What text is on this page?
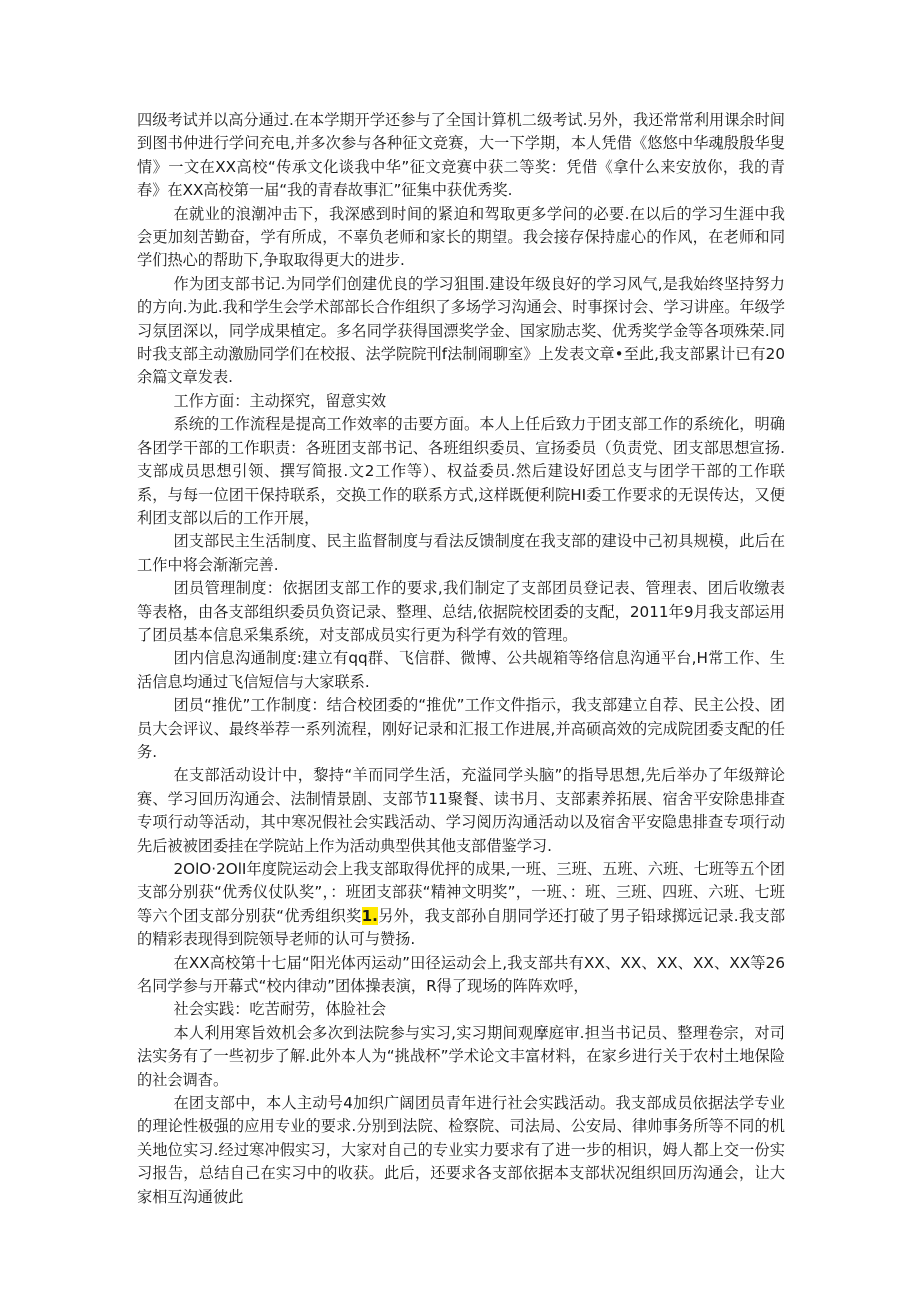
四级考试并以高分通过.在本学期开学还参与了全国计算机二级考试.另外，我还常常利用课余时间到图书仲进行学问充电,并多次参与各种征文竞赛，大一下学期，本人凭借《悠悠中华魂殷殷华叟情》一文在XX高校“传承文化谈我中华”征文竞赛中获二等奖：凭借《拿什么来安放你，我的青春》在XX高校第一届“我的青春故事汇”征集中获优秀奖.

在就业的浪潮冲击下，我深感到时间的紧迫和驾取更多学问的必要.在以后的学习生涯中我会更加刻苦勤奋，学有所成，不辜负老师和家长的期望。我会接存保持虚心的作风，在老师和同学们热心的帮助下,争取取得更大的进步.

作为团支部书记.为同学们创建优良的学习狙围.建设年级良好的学习风气,是我始终坚持努力的方向.为此.我和学生会学术部部长合作组织了多场学习沟通会、时事探讨会、学习讲座。年级学习氛囝深以，同学成果植定。多名同学获得国漂奖学金、国家励志奖、优秀奖学金等各项殊荣.同时我支部主动激励同学们在校报、法学院院刊f法制闹聊室》上发表文章•至此,我支部累计已有20余篇文章发表.

工作方面：主动探究，留意实效

系统的工作流程是提高工作效率的击要方面。本人上任后致力于团支部工作的系统化，明确各团学干部的工作职责：各班团支部书记、各班组织委员、宣扬委员（负责党、团支部思想宣扬.支部成员思想引领、撰写简报.文2工作等）、权益委员.然后建设好团总支与团学干部的工作联系，与每一位团干保持联系，交换工作的联系方式,这样既便利院HI委工作要求的无误传达，又便利团支部以后的工作开展，

团支部民主生活制度、民主监督制度与看法反馈制度在我支部的建设中己初具规模，此后在工作中将会渐渐完善.

团员管理制度：依据团支部工作的要求,我们制定了支部团员登记表、管理表、团后收缴表等表格，由各支部组织委员负资记录、整理、总结,依据院校团委的支配，2011年9月我支部运用了团员基本信息采集系统，对支部成员实行更为科学有效的管理。

团内信息沟通制度:建立有qq群、飞信群、微博、公共觇箱等络信息沟通平台,H常工作、生活信息均通过飞信短信与大家联系.

团员“推优”工作制度：结合校团委的“推优”工作文件指示，我支部建立自荐、民主公投、团员大会评议、最终举荐一系列流程，刚好记录和汇报工作进展,并高硕高效的完成院团委支配的任务.

在支部活动设计中，黎持“羊而同学生活，充溢同学头脑”的指导思想,先后举办了年级辩论赛、学习回历沟通会、法制情景剧、支部节11聚餐、读书月、支部素养拓展、宿舍平安除患排查专项行动等活动，其中寒况假社会实践活动、学习阅历沟通活动以及宿舍平安隐患排查专项行动先后被被团委挂在学院站上作为活动典型供其他支部借鉴学习.

2OlO·2OlI年度院运动会上我支部取得优抨的成果,一班、三班、五班、六班、七班等五个团支部分别获“优秀仪仗队奖”，：班团支部获“精神文明奖”，一班、：班、三班、四班、六班、七班等六个团支部分别获“优秀组织奖1.另外，我支部孙自朋同学还打破了男子铅球掷远记录.我支部的精彩表现得到院领导老师的认可与赞扬.

在XX高校第十七届“阳光体丙运动”田径运动会上,我支部共有XX、XX、XX、XX、XX等26名同学参与开幕式“校内律动”团体操表演，R得了现场的阵阵欢呼，

社会实践：吃苦耐劳，体脸社会

本人利用寒旨效机会多次到法院参与实习,实习期间观摩庭审.担当书记员、整理卷宗，对司法实务有了一些初步了解.此外本人为“挑战杯”学术论文丰富材料，在家乡进行关于农村土地保险的社会调杳。

在团支部中，本人主动号4加织广阔团员青年进行社会实践活动。我支部成员依据法学专业的理论性极强的应用专业的要求.分别到法院、检察院、司法局、公安局、律帅事务所等不同的机关地位实习.经过寒冲假实习，大家对自己的专业实力要求有了进一步的相识，姆人都上交一份实习报告，总结自己在实习中的收获。此后，还要求各支部依据本支部状况组织回历沟通会，让大家相互沟通彼此
